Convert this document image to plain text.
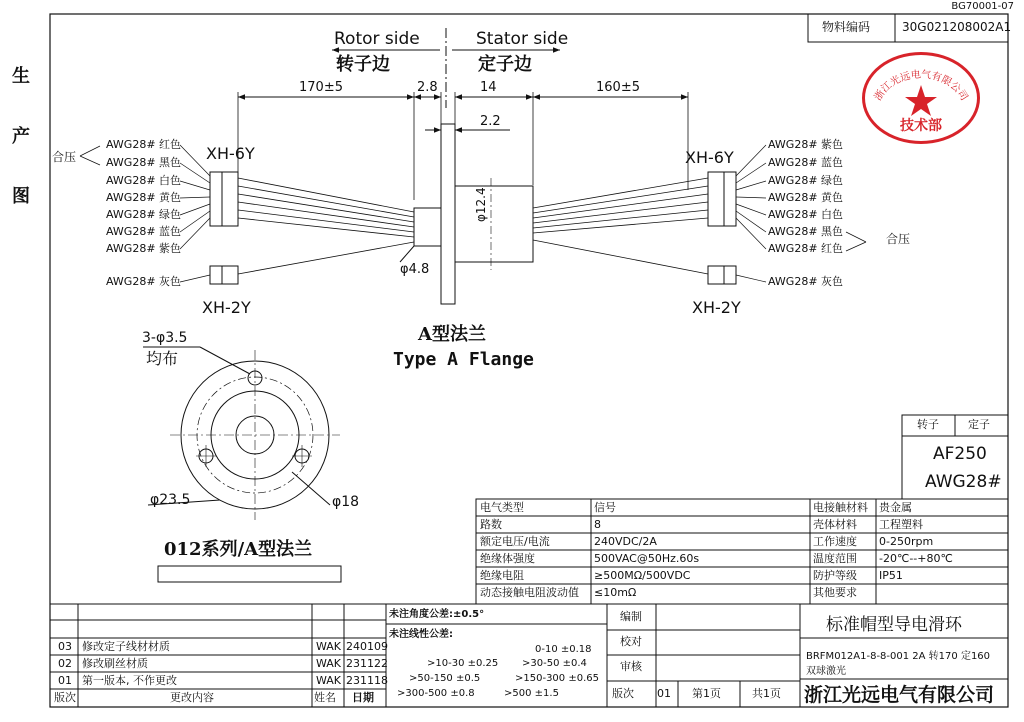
BG70001-07
生
产
图
物料编码	30G021208002A1
浙江光远电气有限公司
技术部
Rotor side
转子边
Stator side
定子边
170±5	2.8	14	160±5
2.2
φ12.4
φ4.8
XH-6Y	XH-6Y
XH-2Y	XH-2Y
合压
合压
AWG28# 红色
AWG28# 黑色
AWG28# 白色
AWG28# 黄色
AWG28# 绿色
AWG28# 蓝色
AWG28# 紫色
AWG28# 灰色
AWG28# 紫色
AWG28# 蓝色
AWG28# 绿色
AWG28# 黄色
AWG28# 白色
AWG28# 黑色
AWG28# 红色
AWG28# 灰色
A型法兰
Type A Flange
3-φ3.5
均布
φ23.5	φ18
012系列/A型法兰
转子	定子
AF250
AWG28#
电气类型	信号	电接触材料 贵金属
路数	8	壳体材料 工程塑料
额定电压/电流	240VDC/2A	工作速度 0-250rpm
绝缘体强度	500VAC@50Hz.60s	温度范围 -20℃--+80℃
绝缘电阻	≥500MΩ/500VDC	防护等级 IP51
动态接触电阻波动值 ≤10mΩ	其他要求
03 修改定子线材材质	WAK 240109
02 修改刷丝材质	WAK 231122
01 第一版本, 不作更改	WAK 231118
版次	更改内容	姓名 日期
未注角度公差:±0.5°
未注线性公差:
0-10 ±0.18
>10-30 ±0.25 >30-50 ±0.4
>50-150 ±0.5	>150-300 ±0.65
>300-500 ±0.8	>500 ±1.5
编制
校对
审核
版次 01 第1页	共1页
标准帽型导电滑环
BRFM012A1-8-8-001 2A 转170 定160
双球激光
浙江光远电气有限公司
